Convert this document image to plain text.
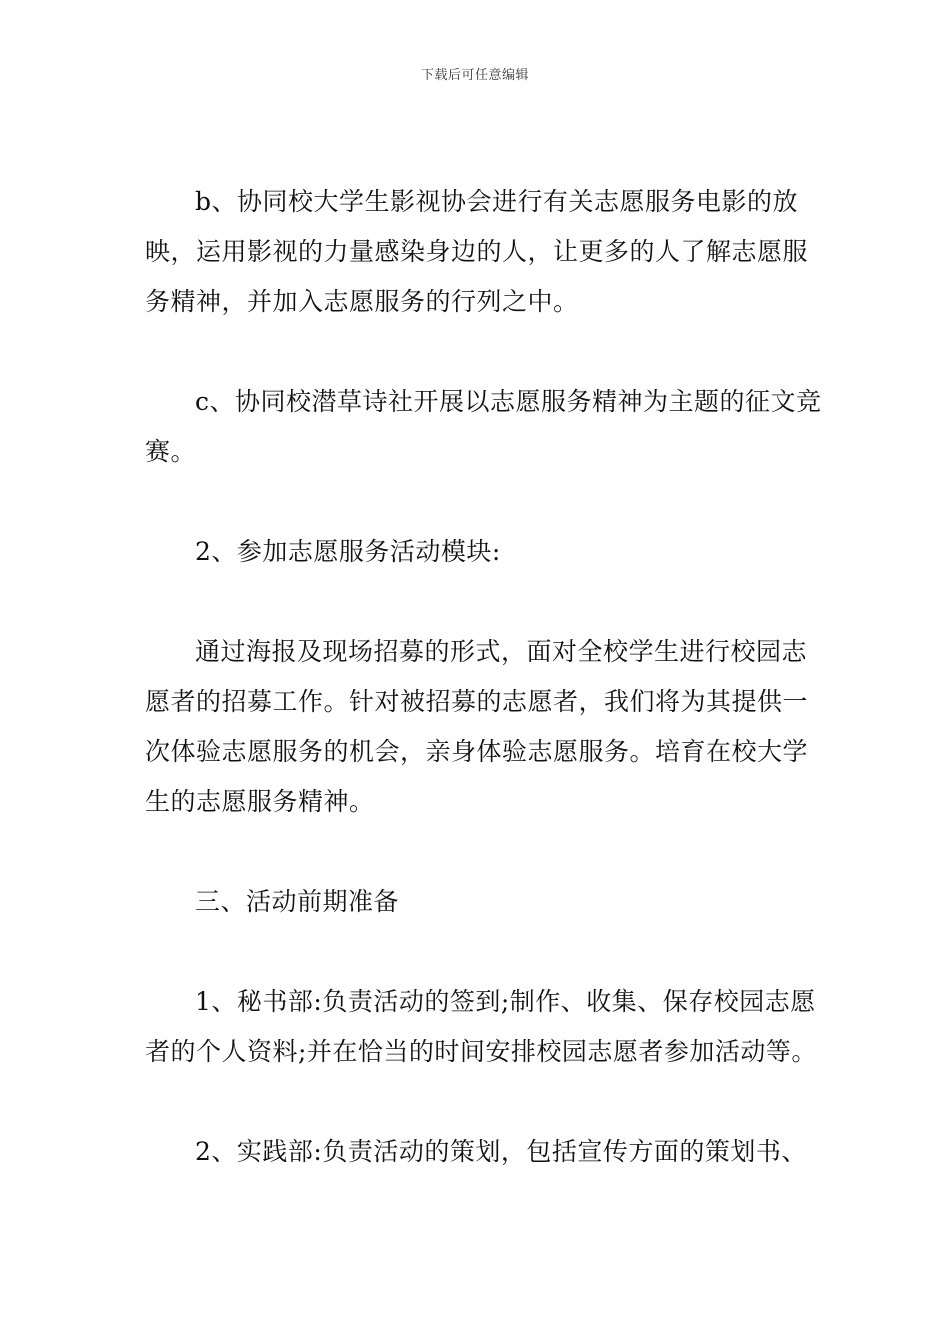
下载后可任意编辑

b、协同校大学生影视协会进行有关志愿服务电影的放映，运用影视的力量感染身边的人，让更多的人了解志愿服务精神，并加入志愿服务的行列之中。

c、协同校潜草诗社开展以志愿服务精神为主题的征文竞赛。

2、参加志愿服务活动模块:

通过海报及现场招募的形式，面对全校学生进行校园志愿者的招募工作。针对被招募的志愿者，我们将为其提供一次体验志愿服务的机会，亲身体验志愿服务。培育在校大学生的志愿服务精神。

三、活动前期准备

1、秘书部:负责活动的签到;制作、收集、保存校园志愿者的个人资料;并在恰当的时间安排校园志愿者参加活动等。

2、实践部:负责活动的策划，包括宣传方面的策划书、
